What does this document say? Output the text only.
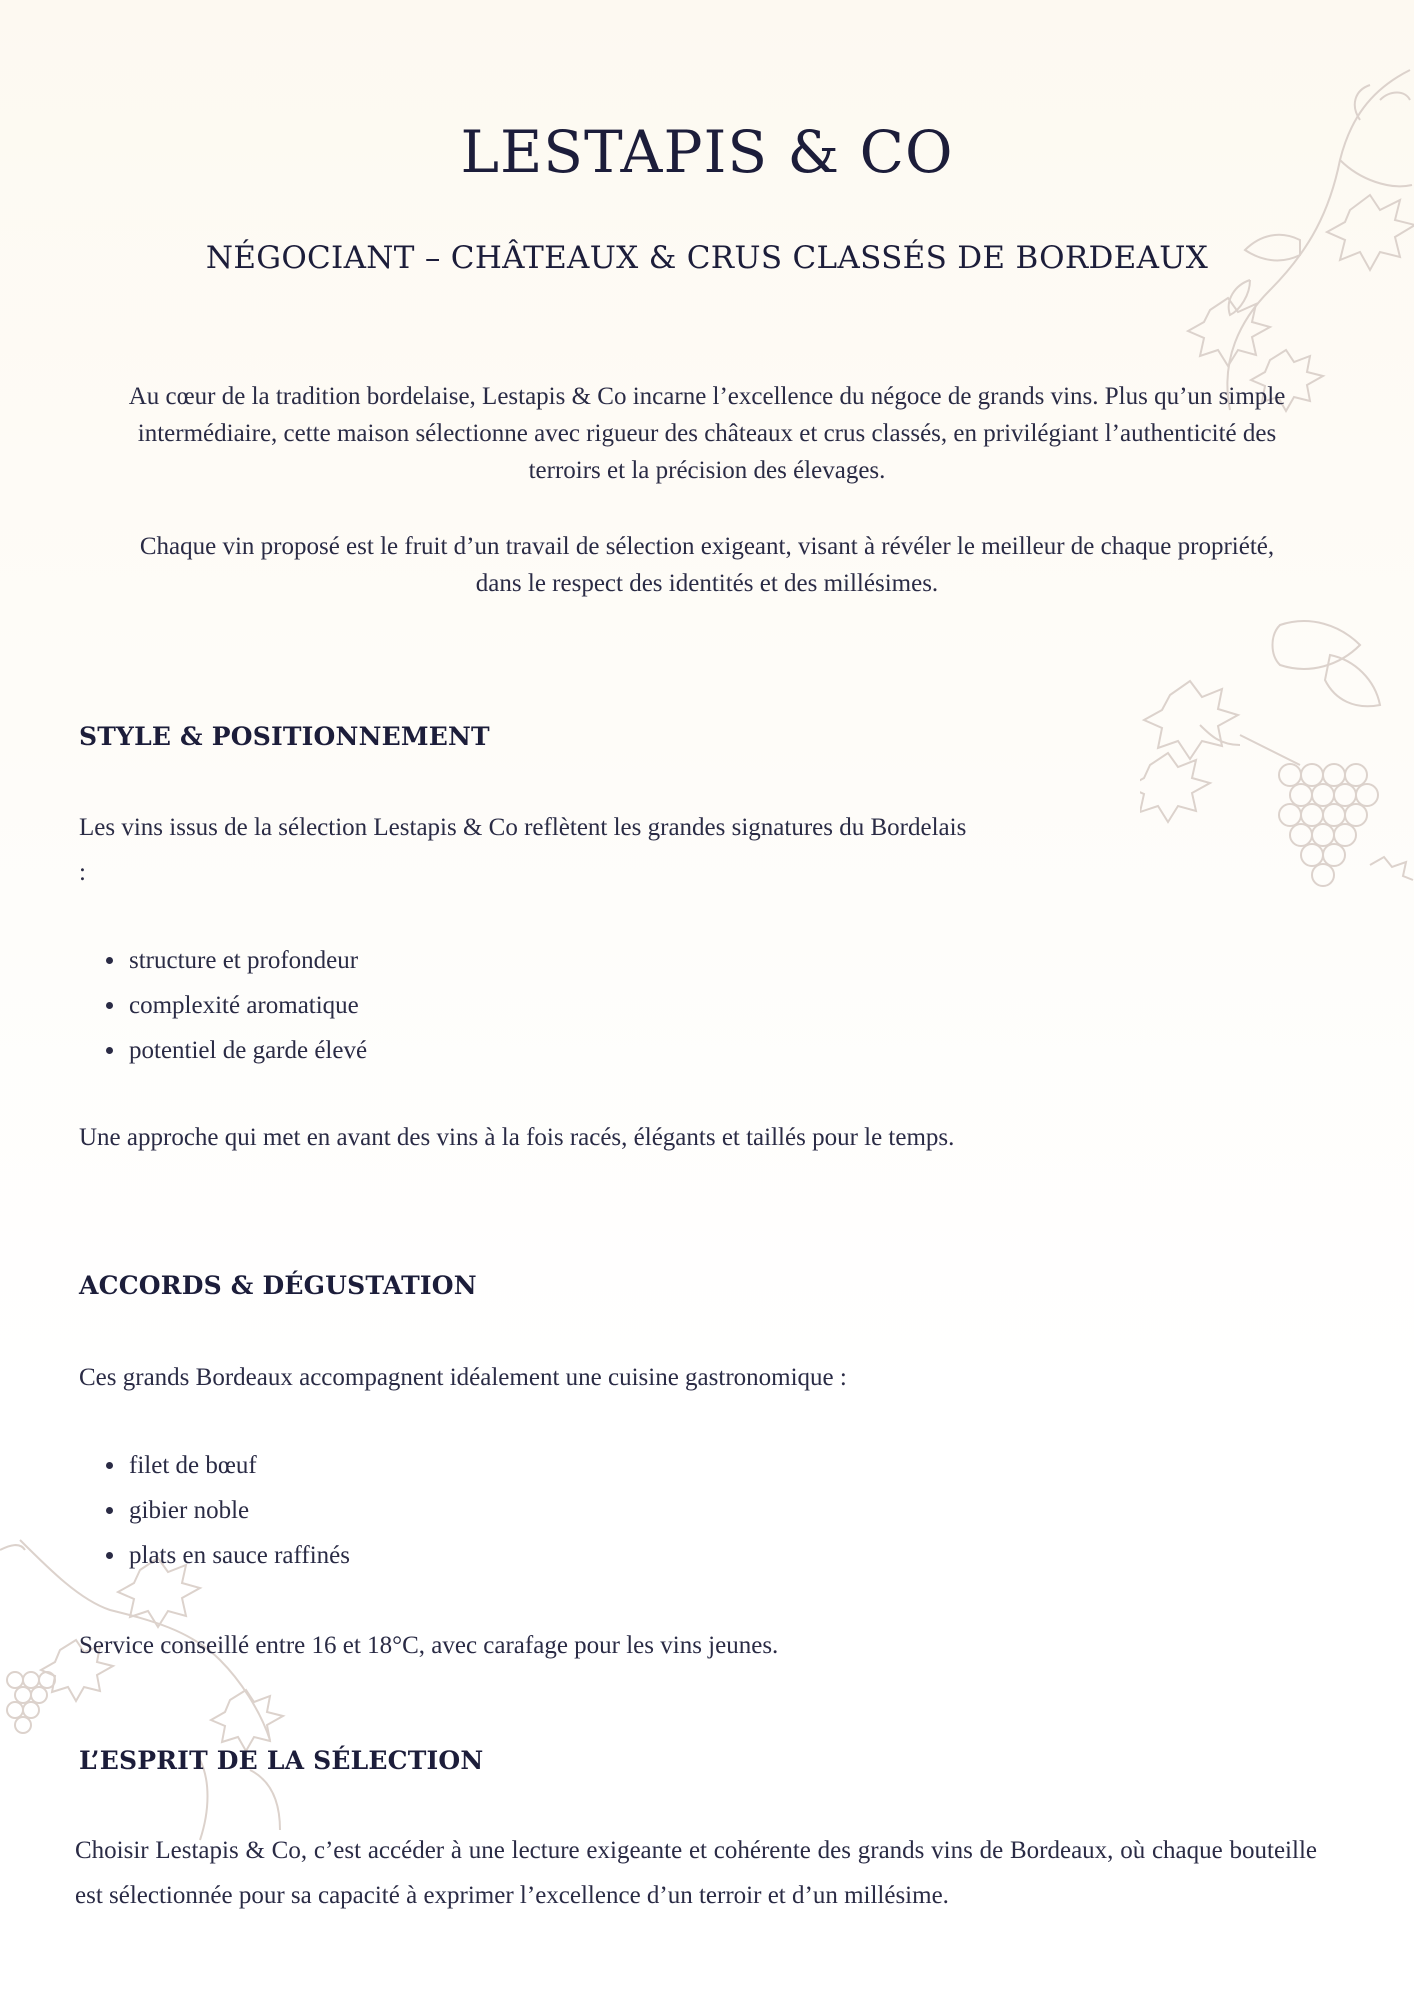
LESTAPIS & CO
NÉGOCIANT – CHÂTEAUX & CRUS CLASSÉS DE BORDEAUX

Au cœur de la tradition bordelaise, Lestapis & Co incarne l’excellence du négoce de grands vins. Plus qu’un simple intermédiaire, cette maison sélectionne avec rigueur des châteaux et crus classés, en privilégiant l’authenticité des terroirs et la précision des élevages.

Chaque vin proposé est le fruit d’un travail de sélection exigeant, visant à révéler le meilleur de chaque propriété, dans le respect des identités et des millésimes.

STYLE & POSITIONNEMENT

Les vins issus de la sélection Lestapis & Co reflètent les grandes signatures du Bordelais :

• structure et profondeur
• complexité aromatique
• potentiel de garde élevé

Une approche qui met en avant des vins à la fois racés, élégants et taillés pour le temps.

ACCORDS & DÉGUSTATION

Ces grands Bordeaux accompagnent idéalement une cuisine gastronomique :

• filet de bœuf
• gibier noble
• plats en sauce raffinés

Service conseillé entre 16 et 18°C, avec carafage pour les vins jeunes.

L’ESPRIT DE LA SÉLECTION

Choisir Lestapis & Co, c’est accéder à une lecture exigeante et cohérente des grands vins de Bordeaux, où chaque bouteille est sélectionnée pour sa capacité à exprimer l’excellence d’un terroir et d’un millésime.
